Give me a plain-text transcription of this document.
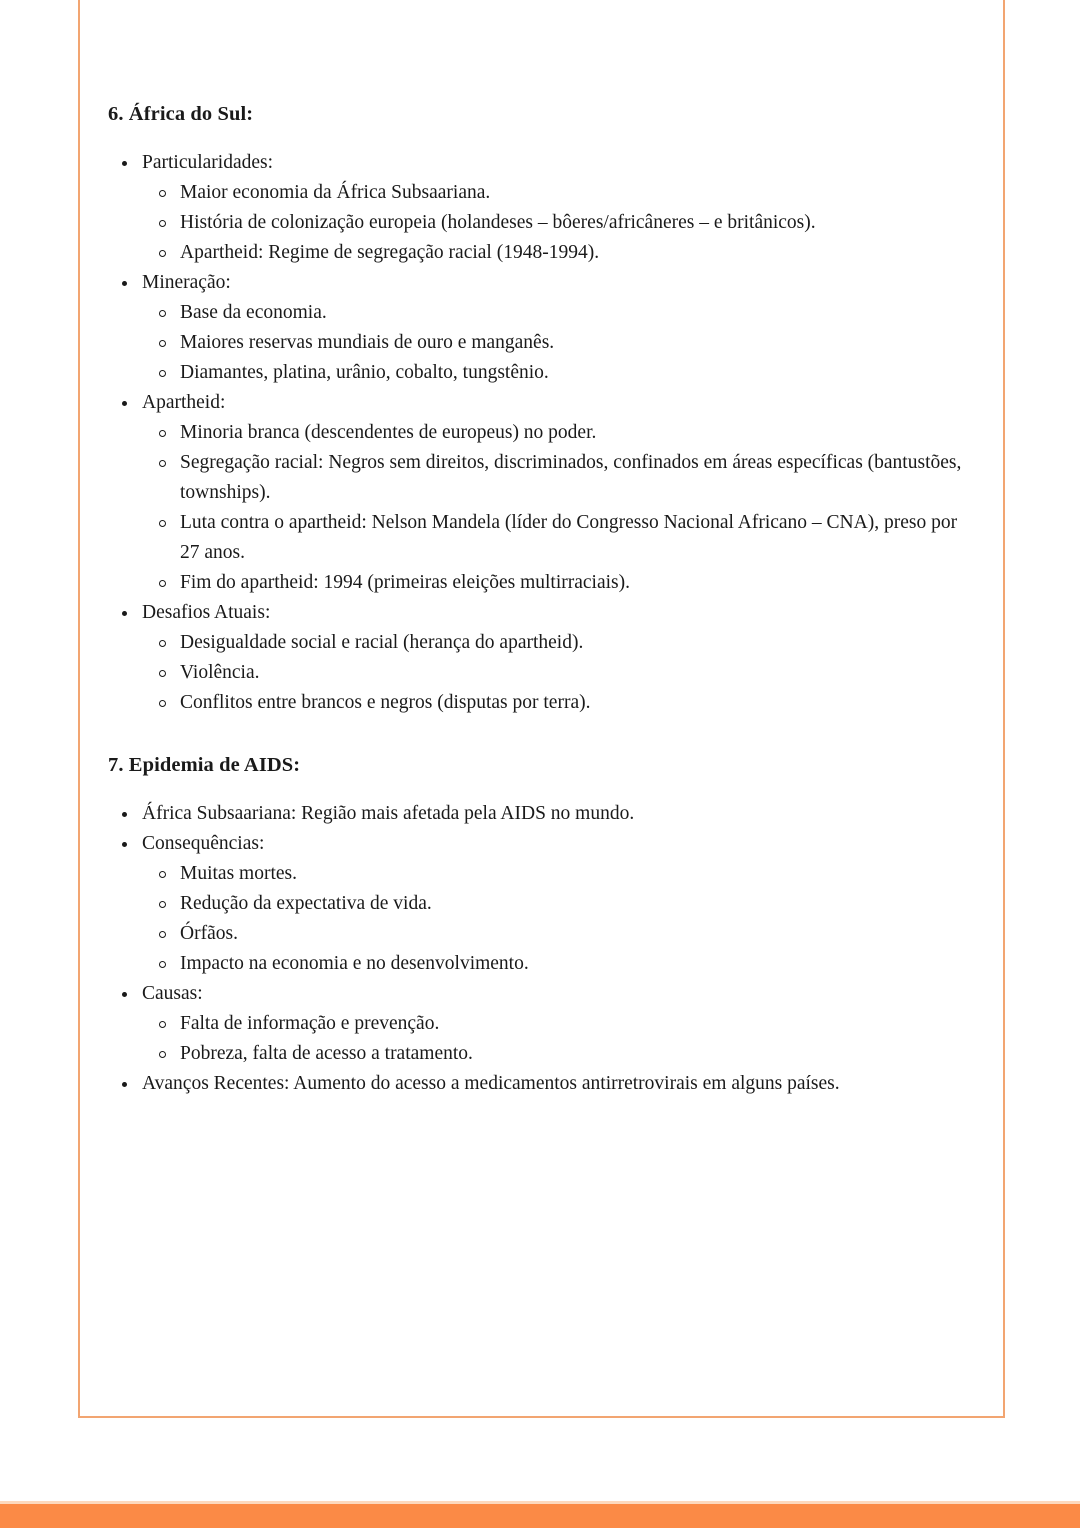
6. África do Sul:
Particularidades:
Maior economia da África Subsaariana.
História de colonização europeia (holandeses – bôeres/africâneres – e britânicos).
Apartheid: Regime de segregação racial (1948-1994).
Mineração:
Base da economia.
Maiores reservas mundiais de ouro e manganês.
Diamantes, platina, urânio, cobalto, tungstênio.
Apartheid:
Minoria branca (descendentes de europeus) no poder.
Segregação racial: Negros sem direitos, discriminados, confinados em áreas específicas (bantustões, townships).
Luta contra o apartheid: Nelson Mandela (líder do Congresso Nacional Africano – CNA), preso por 27 anos.
Fim do apartheid: 1994 (primeiras eleições multirraciais).
Desafios Atuais:
Desigualdade social e racial (herança do apartheid).
Violência.
Conflitos entre brancos e negros (disputas por terra).
7. Epidemia de AIDS:
África Subsaariana: Região mais afetada pela AIDS no mundo.
Consequências:
Muitas mortes.
Redução da expectativa de vida.
Órfãos.
Impacto na economia e no desenvolvimento.
Causas:
Falta de informação e prevenção.
Pobreza, falta de acesso a tratamento.
Avanços Recentes: Aumento do acesso a medicamentos antirretrovirais em alguns países.
